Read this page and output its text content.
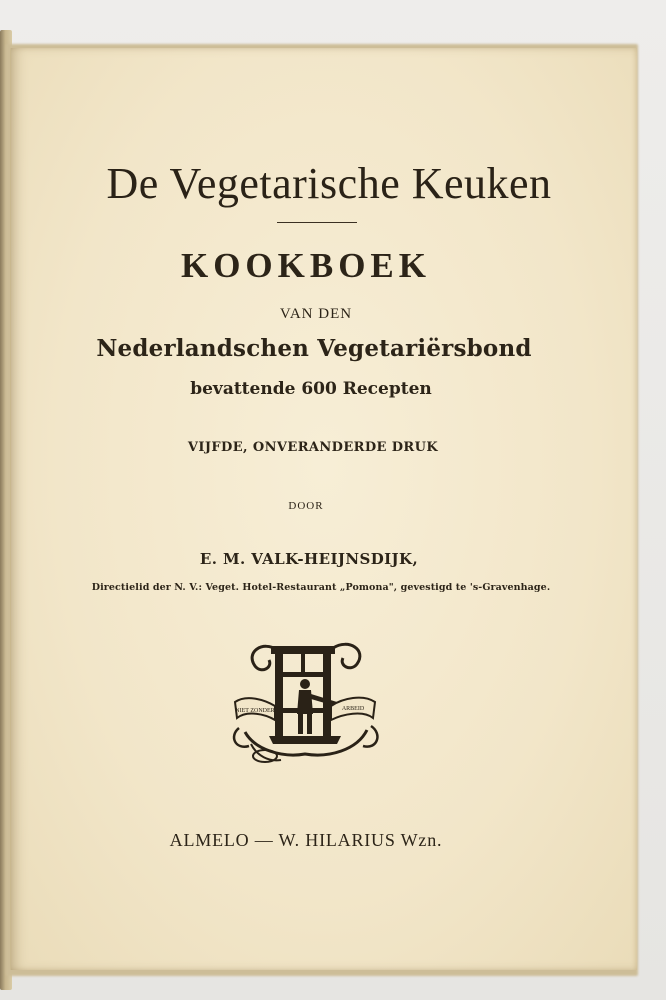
De Vegetarische Keuken
KOOKBOEK
VAN DEN
Nederlandschen Vegetariërsbond
bevattende 600 Recepten
VIJFDE, ONVERANDERDE DRUK
DOOR
E. M. VALK-HEIJNSDIJK,
Directielid der N. V.: Veget. Hotel-Restaurant „Pomona", gevestigd te 's-Gravenhage.
NIET ZONDER	ARBEID
ALMELO — W. HILARIUS Wzn.
